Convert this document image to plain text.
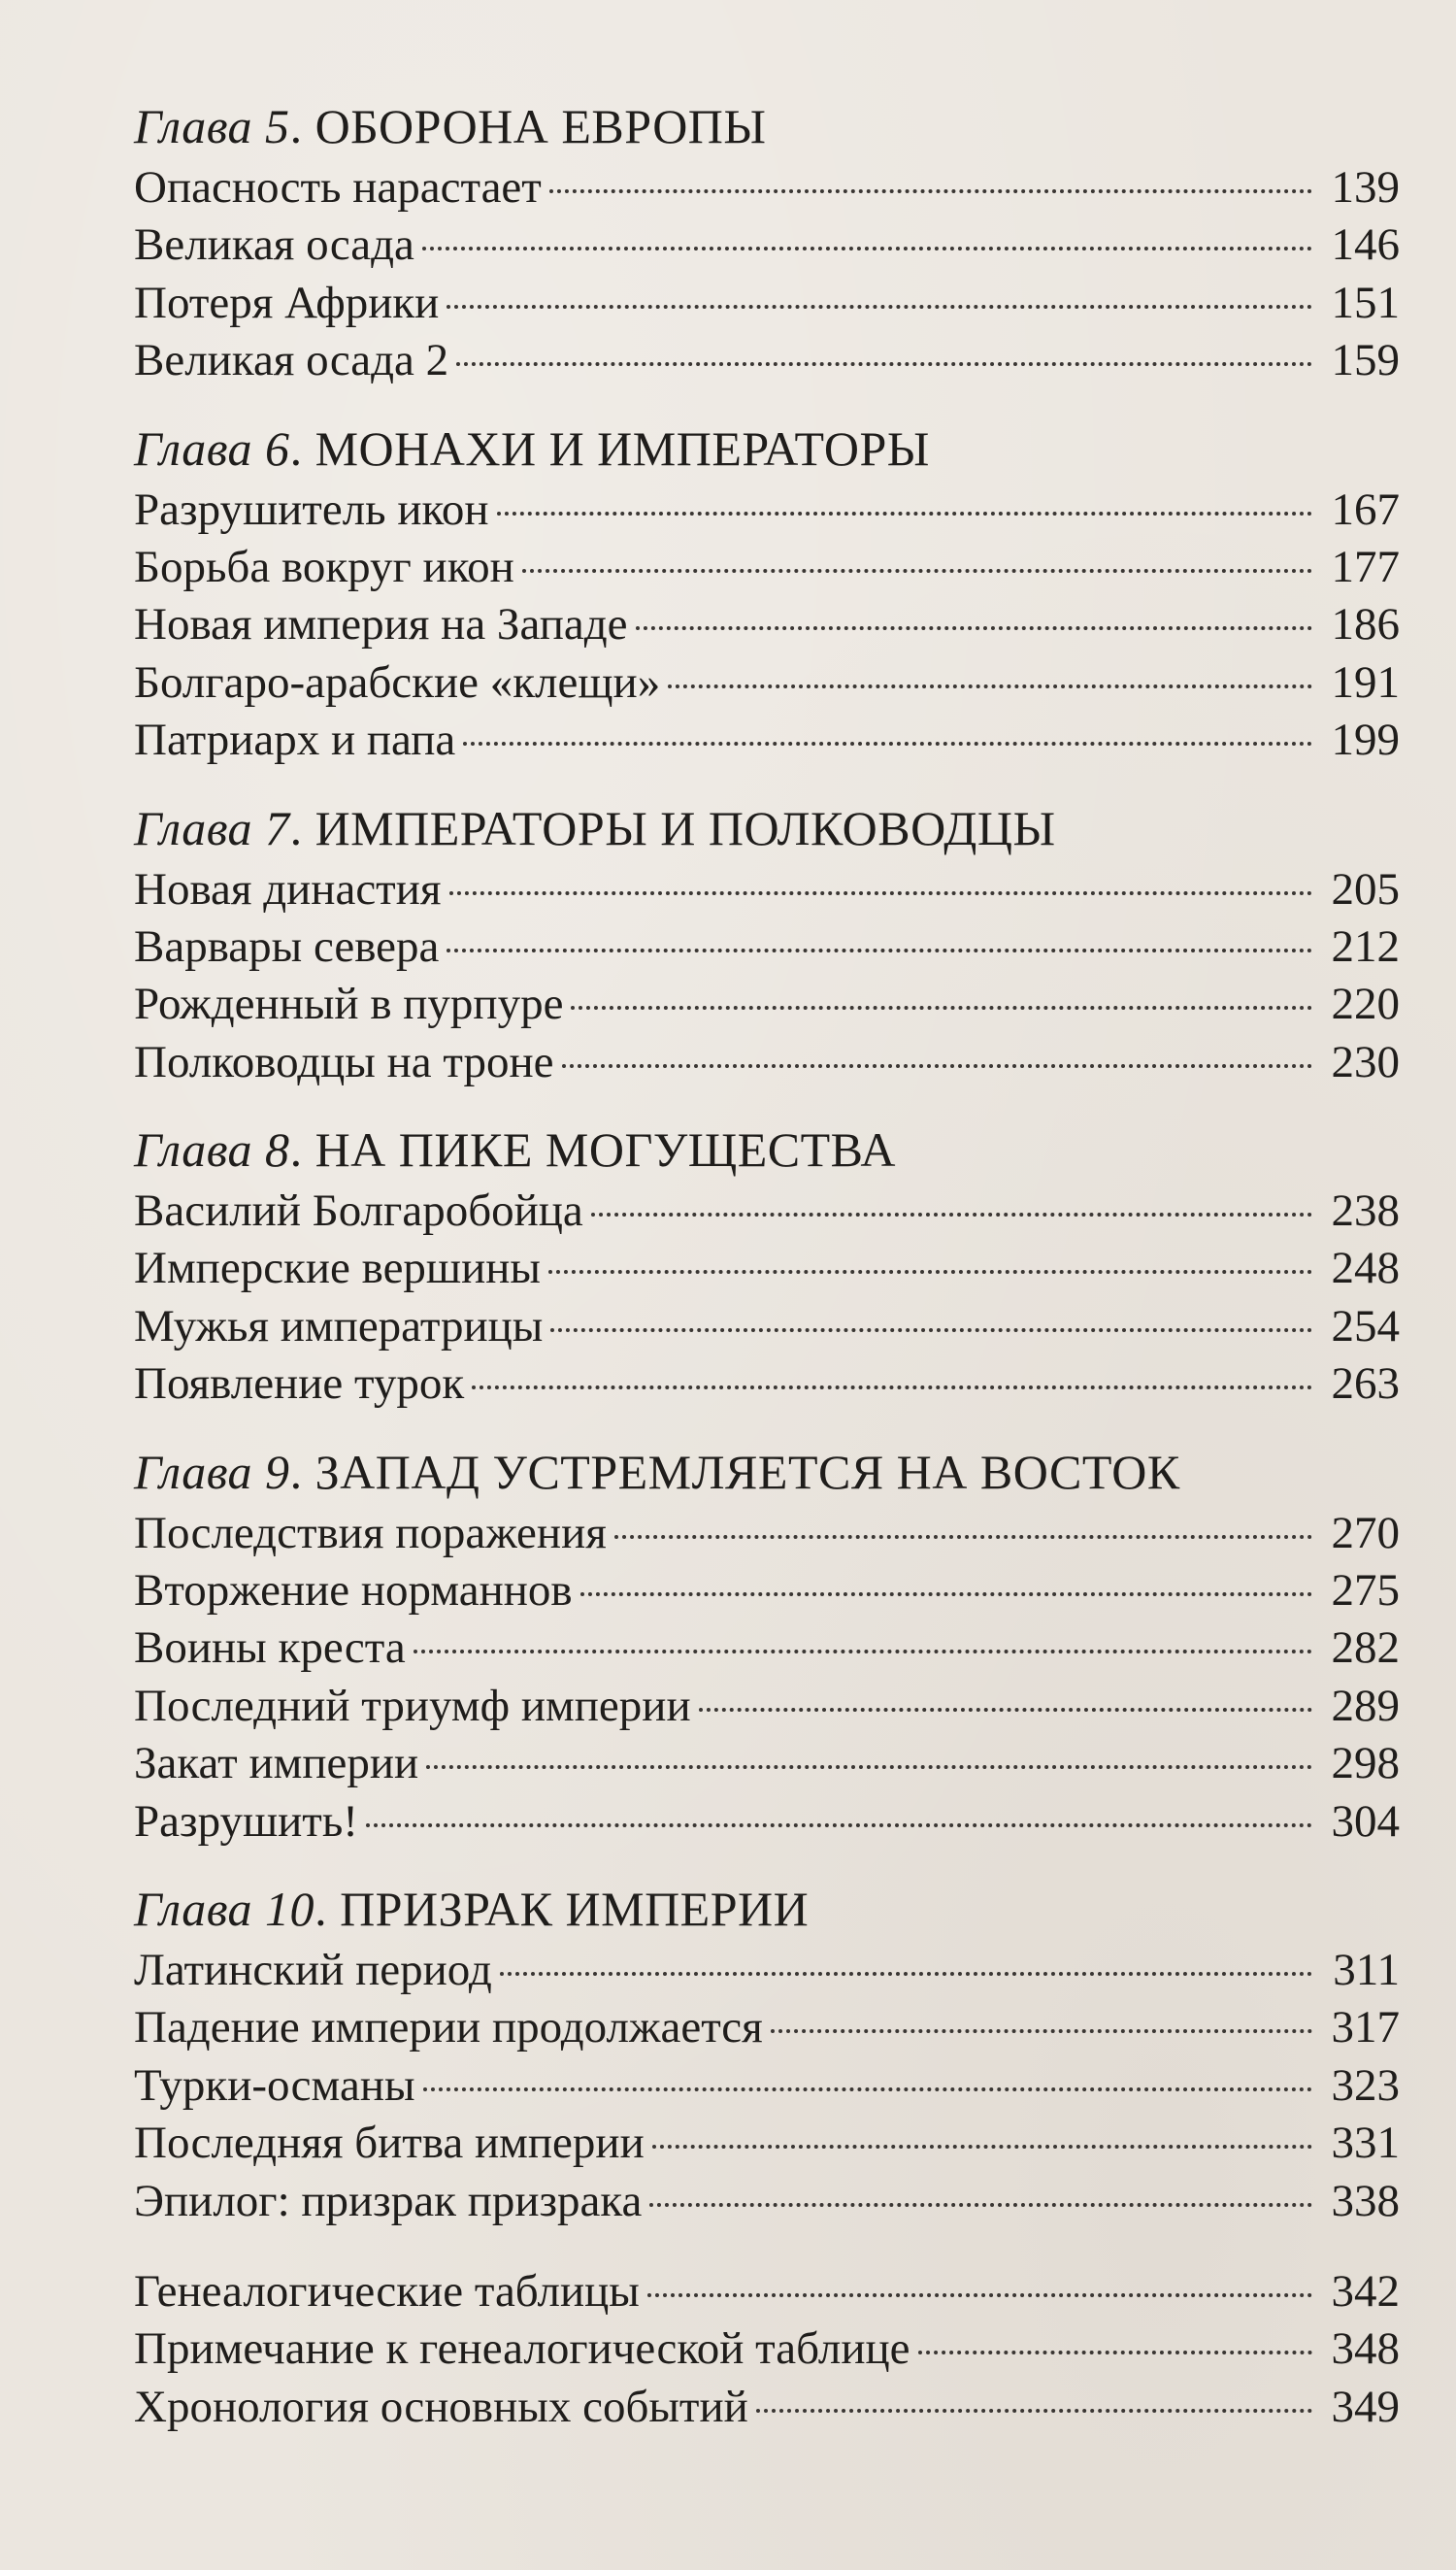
Глава 5. ОБОРОНА ЕВРОПЫ
Опасность нарастает	139
Великая осада	146
Потеря Африки	151
Великая осада 2	159
Глава 6. МОНАХИ И ИМПЕРАТОРЫ
Разрушитель икон	167
Борьба вокруг икон	177
Новая империя на Западе	186
Болгаро-арабские «клещи»	191
Патриарх и папа	199
Глава 7. ИМПЕРАТОРЫ И ПОЛКОВОДЦЫ
Новая династия	205
Варвары севера	212
Рожденный в пурпуре	220
Полководцы на троне	230
Глава 8. НА ПИКЕ МОГУЩЕСТВА
Василий Болгаробойца	238
Имперские вершины	248
Мужья императрицы	254
Появление турок	263
Глава 9. ЗАПАД УСТРЕМЛЯЕТСЯ НА ВОСТОК
Последствия поражения	270
Вторжение норманнов	275
Воины креста	282
Последний триумф империи	289
Закат империи	298
Разрушить!	304
Глава 10. ПРИЗРАК ИМПЕРИИ
Латинский период	311
Падение империи продолжается	317
Турки-османы	323
Последняя битва империи	331
Эпилог: призрак призрака	338
Генеалогические таблицы	342
Примечание к генеалогической таблице	348
Хронология основных событий	349
